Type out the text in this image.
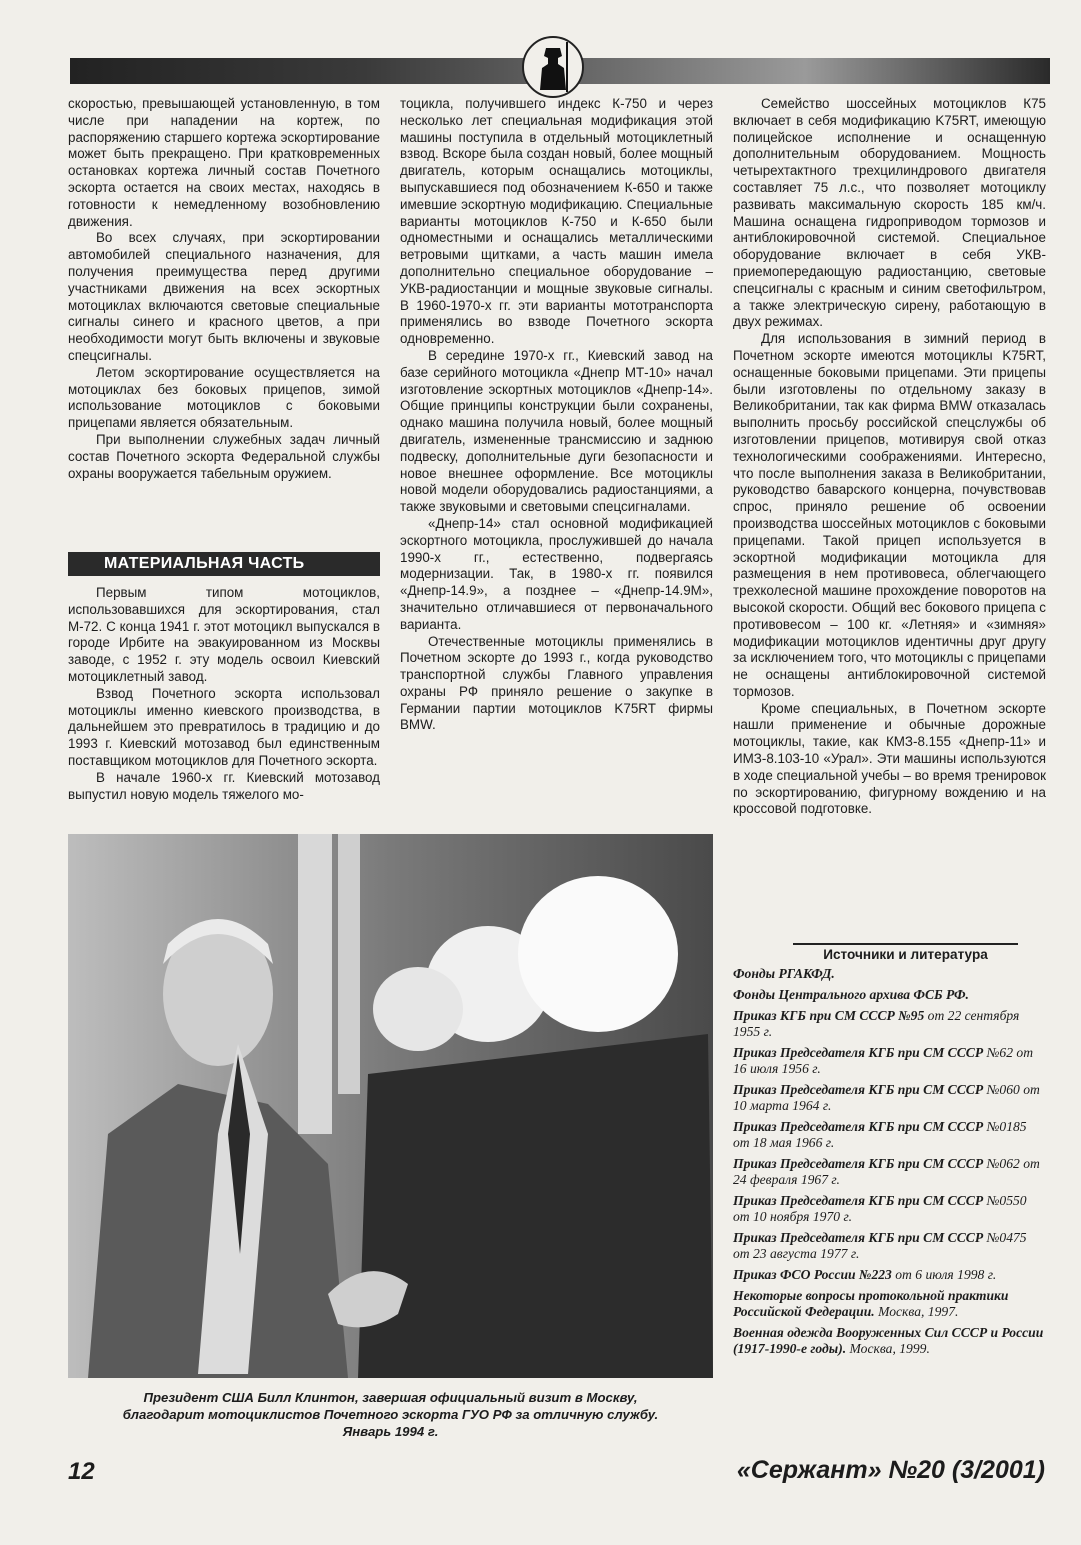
скоростью, превышающей установленную, в том числе при нападении на кортеж, по распоряжению старшего кортежа эскортирование может быть прекращено. При кратковременных остановках кортежа личный состав Почетного эскорта остается на своих местах, находясь в готовности к немедленному возобновлению движения.

Во всех случаях, при эскортировании автомобилей специального назначения, для получения преимущества перед другими участниками движения на всех эскортных мотоциклах включаются световые специальные сигналы синего и красного цветов, а при необходимости могут быть включены и звуковые спецсигналы.

Летом эскортирование осуществляется на мотоциклах без боковых прицепов, зимой использование мотоциклов с боковыми прицепами является обязательным.

При выполнении служебных задач личный состав Почетного эскорта Федеральной службы охраны вооружается табельным оружием.

МАТЕРИАЛЬНАЯ ЧАСТЬ

Первым типом мотоциклов, использовавшихся для эскортирования, стал М-72. С конца 1941 г. этот мотоцикл выпускался в городе Ирбите на эвакуированном из Москвы заводе, с 1952 г. эту модель освоил Киевский мотоциклетный завод.

Взвод Почетного эскорта использовал мотоциклы именно киевского производства, в дальнейшем это превратилось в традицию и до 1993 г. Киевский мотозавод был единственным поставщиком мотоциклов для Почетного эскорта.

В начале 1960-х гг. Киевский мотозавод выпустил новую модель тяжелого мо-

тоцикла, получившего индекс К-750 и через несколько лет специальная модификация этой машины поступила в отдельный мотоциклетный взвод. Вскоре была создан новый, более мощный двигатель, которым оснащались мотоциклы, выпускавшиеся под обозначением К-650 и также имевшие эскортную модификацию. Специальные варианты мотоциклов К-750 и К-650 были одноместными и оснащались металлическими ветровыми щитками, а часть машин имела дополнительно специальное оборудование – УКВ-радиостанции и мощные звуковые сигналы. В 1960-1970-х гг. эти варианты мототранспорта применялись во взводе Почетного эскорта одновременно.

В середине 1970-х гг., Киевский завод на базе серийного мотоцикла «Днепр МТ-10» начал изготовление эскортных мотоциклов «Днепр-14». Общие принципы конструкции были сохранены, однако машина получила новый, более мощный двигатель, измененные трансмиссию и заднюю подвеску, дополнительные дуги безопасности и новое внешнее оформление. Все мотоциклы новой модели оборудовались радиостанциями, а также звуковыми и световыми спецсигналами.

«Днепр-14» стал основной модификацией эскортного мотоцикла, прослужившей до начала 1990-х гг., естественно, подвергаясь модернизации. Так, в 1980-х гг. появился «Днепр-14.9», а позднее – «Днепр-14.9М», значительно отличавшиеся от первоначального варианта.

Отечественные мотоциклы применялись в Почетном эскорте до 1993 г., когда руководство транспортной службы Главного управления охраны РФ приняло решение о закупке в Германии партии мотоциклов K75RT фирмы BMW.

Семейство шоссейных мотоциклов К75 включает в себя модификацию K75RT, имеющую полицейское исполнение и оснащенную дополнительным оборудованием. Мощность четырехтактного трехцилиндрового двигателя составляет 75 л.с., что позволяет мотоциклу развивать максимальную скорость 185 км/ч. Машина оснащена гидроприводом тормозов и антиблокировочной системой. Специальное оборудование включает в себя УКВ-приемопередающую радиостанцию, световые спецсигналы с красным и синим светофильтром, а также электрическую сирену, работающую в двух режимах.

Для использования в зимний период в Почетном эскорте имеются мотоциклы K75RT, оснащенные боковыми прицепами. Эти прицепы были изготовлены по отдельному заказу в Великобритании, так как фирма BMW отказалась выполнить просьбу российской спецслужбы об изготовлении прицепов, мотивируя свой отказ технологическими соображениями. Интересно, что после выполнения заказа в Великобритании, руководство баварского концерна, почувствовав спрос, приняло решение об освоении производства шоссейных мотоциклов с боковыми прицепами. Такой прицеп используется в эскортной модификации мотоцикла для размещения в нем противовеса, облегчающего трехколесной машине прохождение поворотов на высокой скорости. Общий вес бокового прицепа с противовесом – 100 кг. «Летняя» и «зимняя» модификации мотоциклов идентичны друг другу за исключением того, что мотоциклы с прицепами не оснащены антиблокировочной системой тормозов.

Кроме специальных, в Почетном эскорте нашли применение и обычные дорожные мотоциклы, такие, как КМЗ-8.155 «Днепр-11» и ИМЗ-8.103-10 «Урал». Эти машины используются в ходе специальной учебы – во время тренировок по эскортированию, фигурному вождению и на кроссовой подготовке.

Президент США Билл Клинтон, завершая официальный визит в Москву,
благодарит мотоциклистов Почетного эскорта ГУО РФ за отличную службу.
Январь 1994 г.
Источники и литература
Фонды РГАКФД.
Фонды Центрального архива ФСБ РФ.
Приказ КГБ при СМ СССР №95 от 22 сентября 1955 г.
Приказ Председателя КГБ при СМ СССР №62 от 16 июля 1956 г.
Приказ Председателя КГБ при СМ СССР №060 от 10 марта 1964 г.
Приказ Председателя КГБ при СМ СССР №0185 от 18 мая 1966 г.
Приказ Председателя КГБ при СМ СССР №062 от 24 февраля 1967 г.
Приказ Председателя КГБ при СМ СССР №0550 от 10 ноября 1970 г.
Приказ Председателя КГБ при СМ СССР №0475 от 23 августа 1977 г.
Приказ ФСО России №223 от 6 июля 1998 г.
Некоторые вопросы протокольной практики Российской Федерации. Москва, 1997.
Военная одежда Вооруженных Сил СССР и России (1917-1990-е годы). Москва, 1999.
12	«Сержант» №20 (3/2001)
